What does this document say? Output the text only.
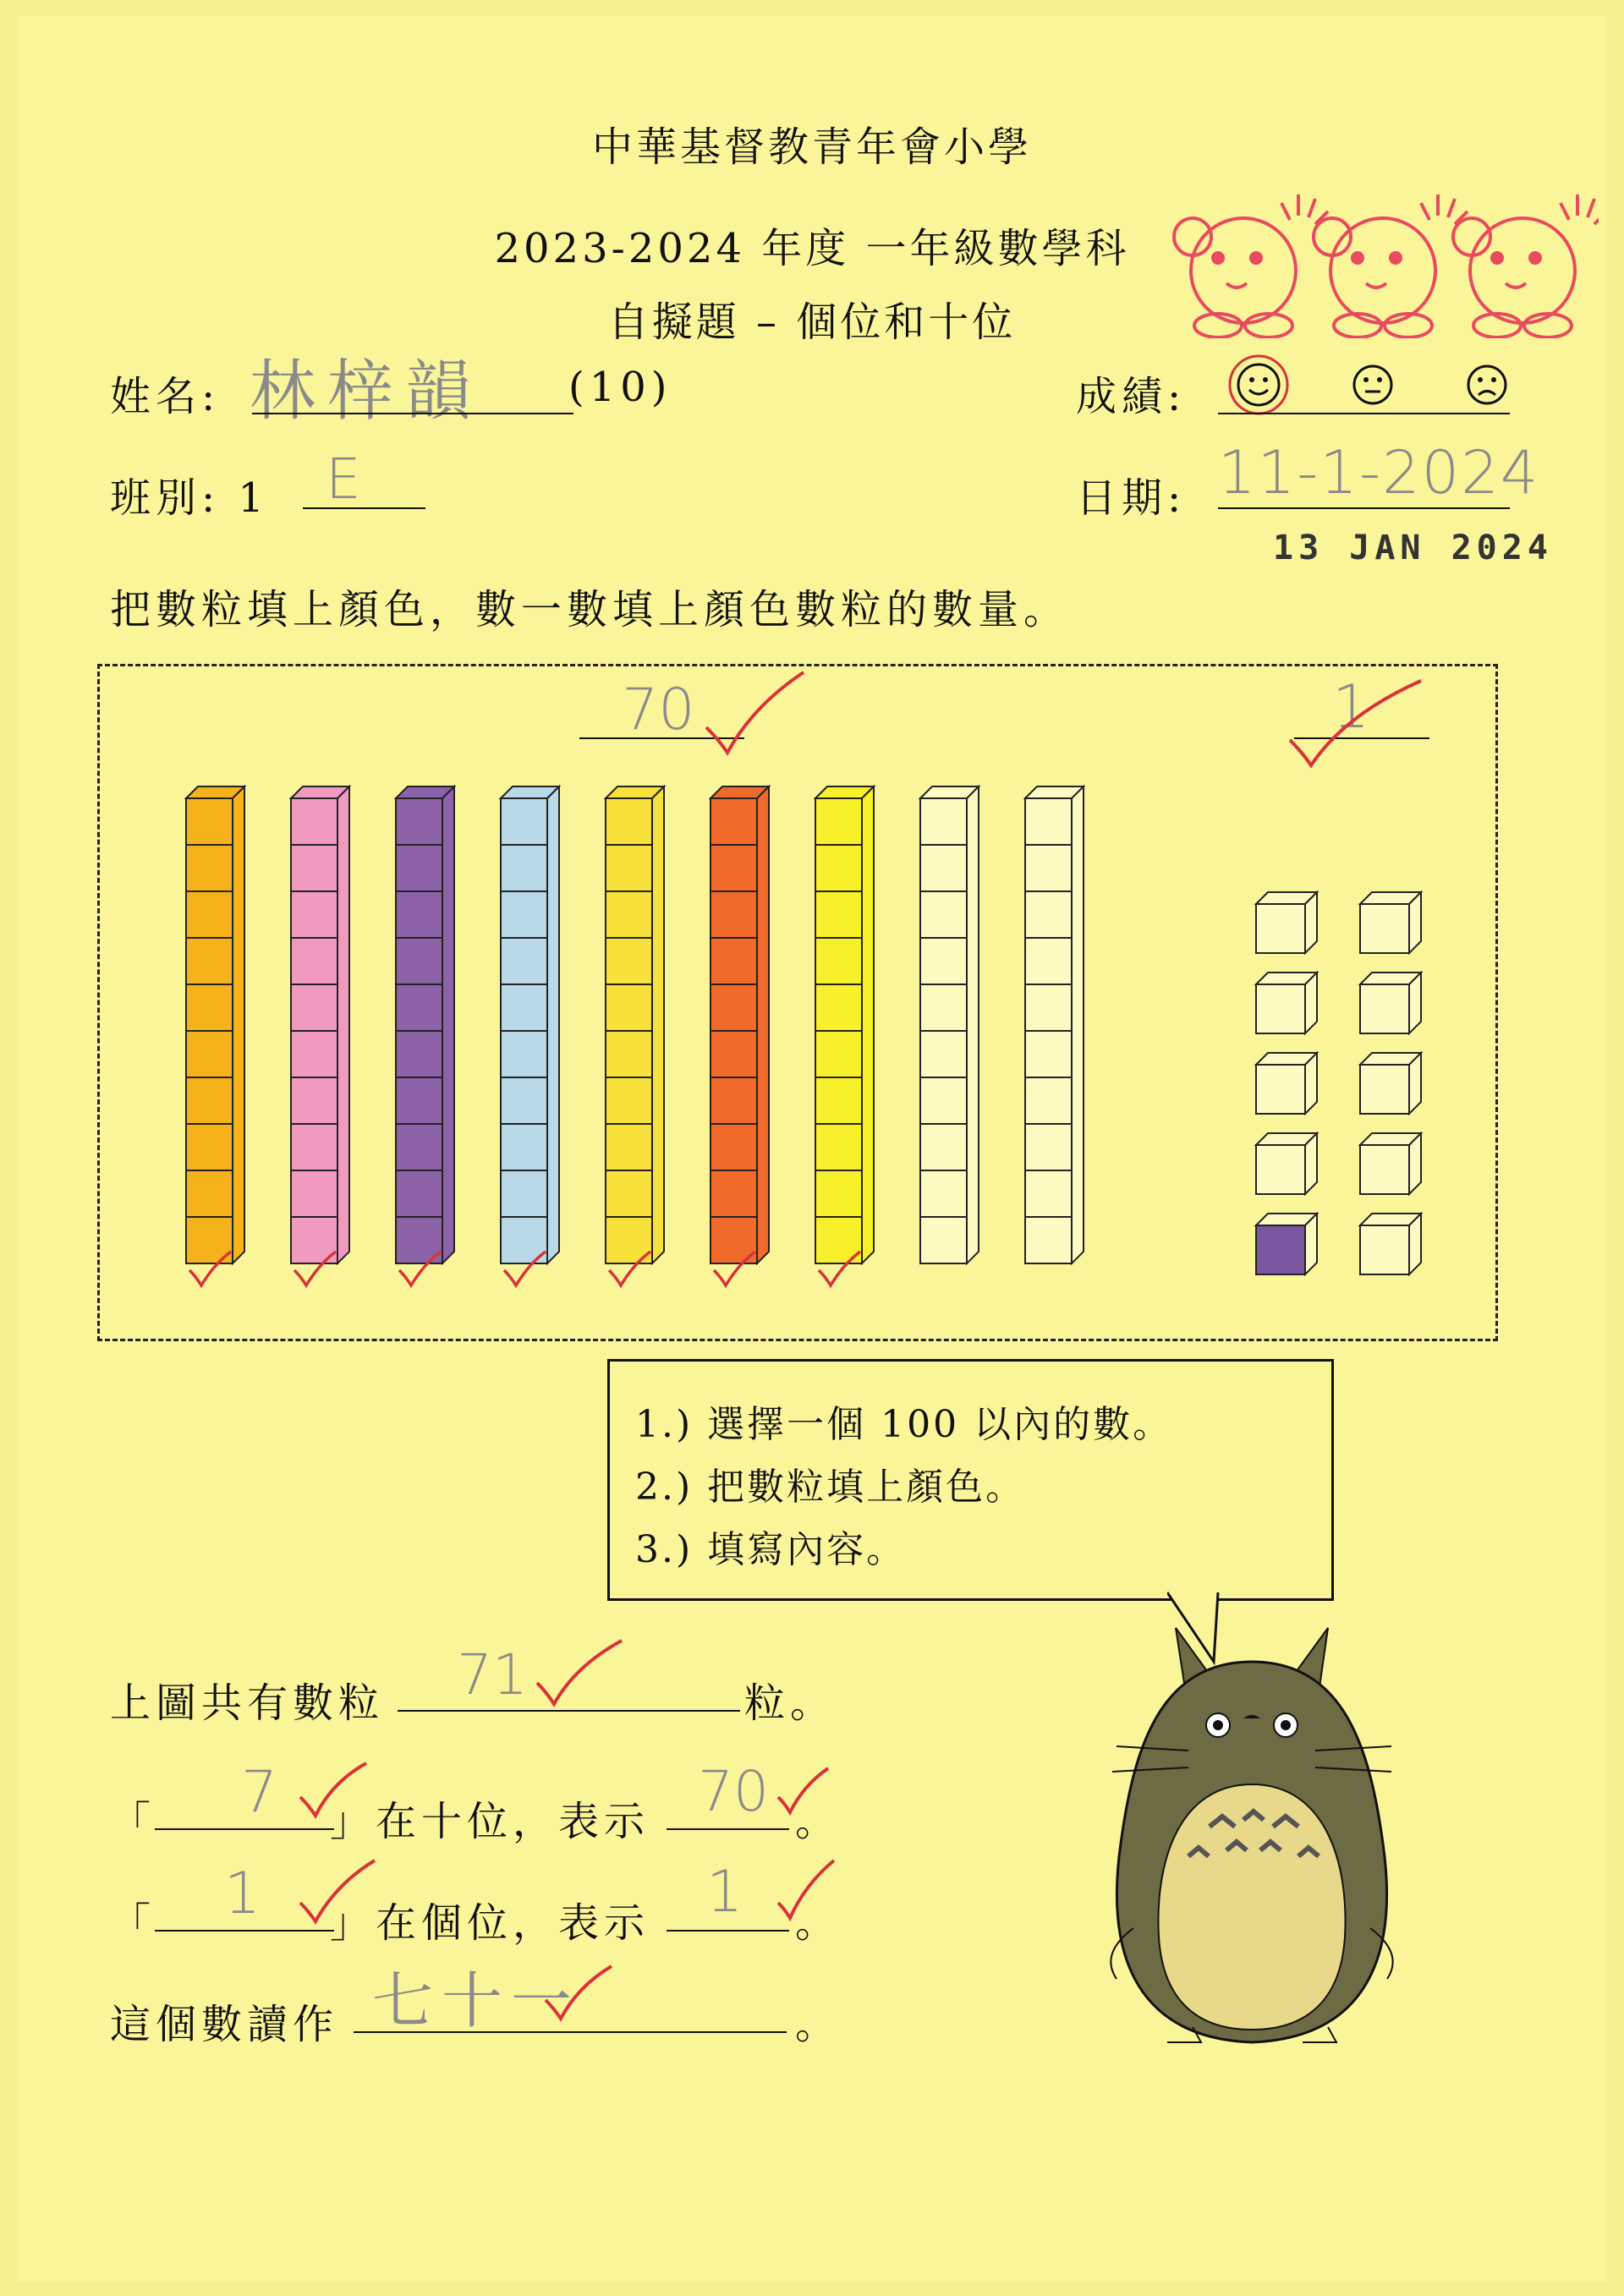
中華基督教青年會小學
2023-2024 年度 一年級數學科
自擬題 – 個位和十位
姓名: 林梓韻 (10)
班別: 1 E
成績:
日期: 11-1-2024
13 JAN 2024
把數粒填上顏色，數一數填上顏色數粒的數量。
70	1
1.) 選擇一個 100 以內的數。
2.) 把數粒填上顏色。
3.) 填寫內容。
上圖共有數粒 71	粒。
「 7 」在十位，表示 70 。
「 1 」在個位，表示 1 。
這個數讀作 七十一	。
